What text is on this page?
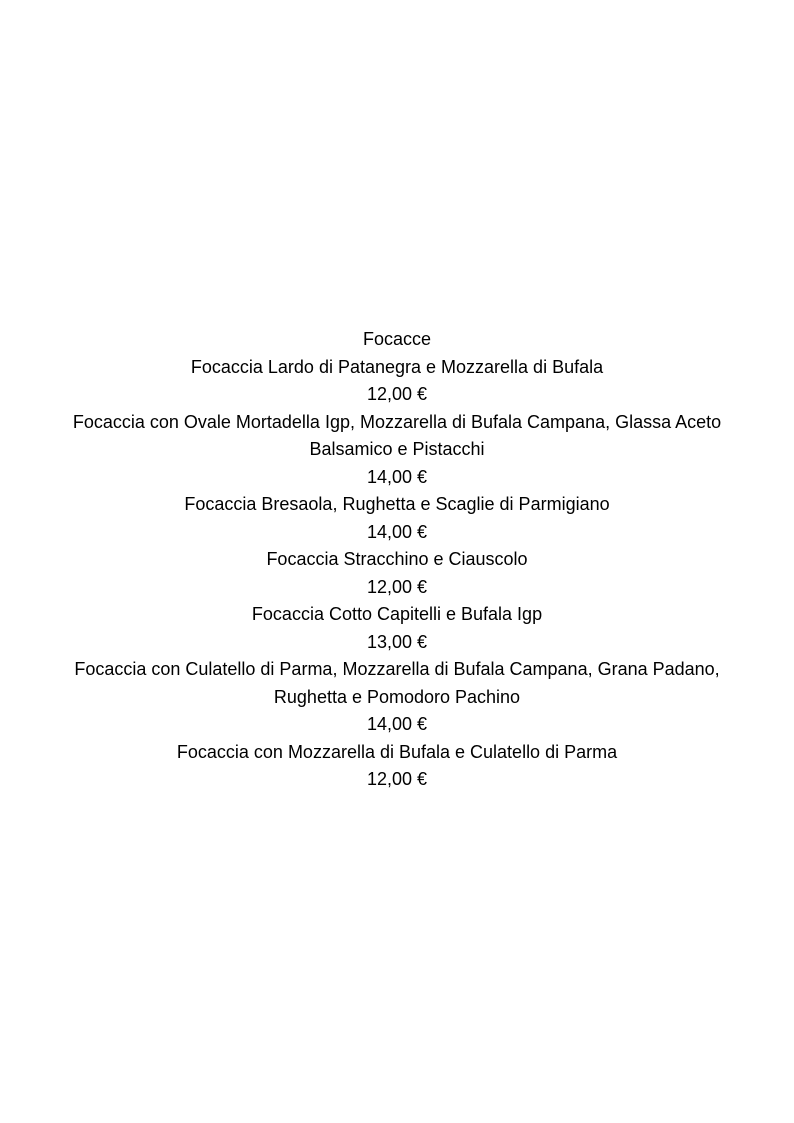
Focacce
Focaccia Lardo di Patanegra e Mozzarella di Bufala
12,00 €
Focaccia con Ovale Mortadella Igp, Mozzarella di Bufala Campana, Glassa Aceto Balsamico e Pistacchi
14,00 €
Focaccia Bresaola, Rughetta e Scaglie di Parmigiano
14,00 €
Focaccia Stracchino e Ciauscolo
12,00 €
Focaccia Cotto Capitelli e Bufala Igp
13,00 €
Focaccia con Culatello di Parma, Mozzarella di Bufala Campana, Grana Padano, Rughetta e Pomodoro Pachino
14,00 €
Focaccia con Mozzarella di Bufala e Culatello di Parma
12,00 €
